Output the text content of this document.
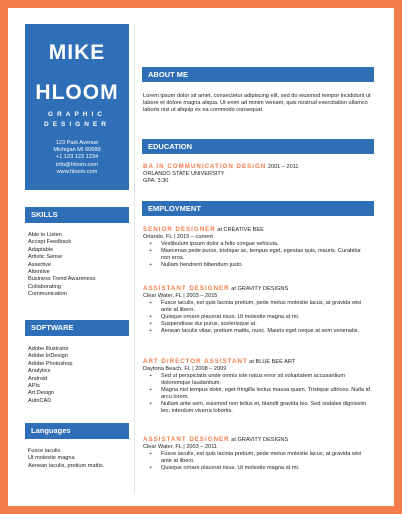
MIKE
HLOOM
GRAPHIC
DESIGNER
123 Park Avenue
Michigan MI 60689
+1 123 123 1234
info@hloom.com
www.hloom.com
SKILLS
Able to Listen
Accept Feedback
Adaptable
Artistic Sense
Assertive
Attentive
Business Trend Awareness
Collaborating
Communication
SOFTWARE
Adobe Illustrator
Adobe InDesign
Adobe Photoshop
Analytics
Android
APIs
Art Design
AutoCAD
Languages
Fusce iaculis
Ut molestie magna
Aenean iaculis, pretium mattis.
ABOUT ME
Lorem ipsum dolor sit amet, consectetur adipiscing elit, sed do eiusmod tempor incididunt ut labore et dolore magna aliqua. Ut enim ad minim veniam, quis nostrud exercitation ullamco laboris nisi ut aliquip ex ea commodo consequat.
EDUCATION
BA IN COMMUNICATION DESIGN 2001 – 2011
ORLANDO STATE UNIVERSITY
GPA: 3.30
EMPLOYMENT
SENIOR DESIGNER at CREATIVE BEE
Orlando, FL | 2015 – current
+ Vestibulum ipsum dolor a felis congue vehicula.
+ Maecenas pede purus, tristique ac, tempus eget, egestas quis, mauris. Curabitur non eros.
+ Nullam hendrerit bibendum justo.
ASSISTANT DESIGNER at GRAVITY DESIGNS
Clear Water, FL | 2003 – 2015
+ Fusce iaculis, est quis lacinia pretium, pede metus molestie lacus, at gravida wisi ante at libero.
+ Quisque ornare placerat risus. Ut molestie magna at mi.
+ Suspendisse dui purus, scelerisque at.
+ Aenean iaculis vitae, pretium mattis, nunc. Mauris eget neque at sem venenatis.
ART DIRECTOR ASSISTANT at BLUE BEE ART
Daytona Beach, FL | 2008 – 2009
+ Sed ut perspiciatis unde omnis iste natus error sit voluptatem accusantium doloremque laudantium.
+ Magna nisl tempus dolor, eget fringilla lectus massa quam. Tristique ultrices. Nulla id arcu lorem.
+ Nullam ante sem, euismod non tellus et, blandit gravida leo. Sed sodales dignissim leo, interdum viverra lobortis.
ASSISTANT DESIGNER at GRAVITY DESIGNS
Clear Water, FL | 2003 – 2011
+ Fusce iaculis, est quis lacinia pretium, pede metus molestie lacus, at gravida wisi ante at libero.
+ Quisque ornare placerat risus. Ut molestie magna at mi.
